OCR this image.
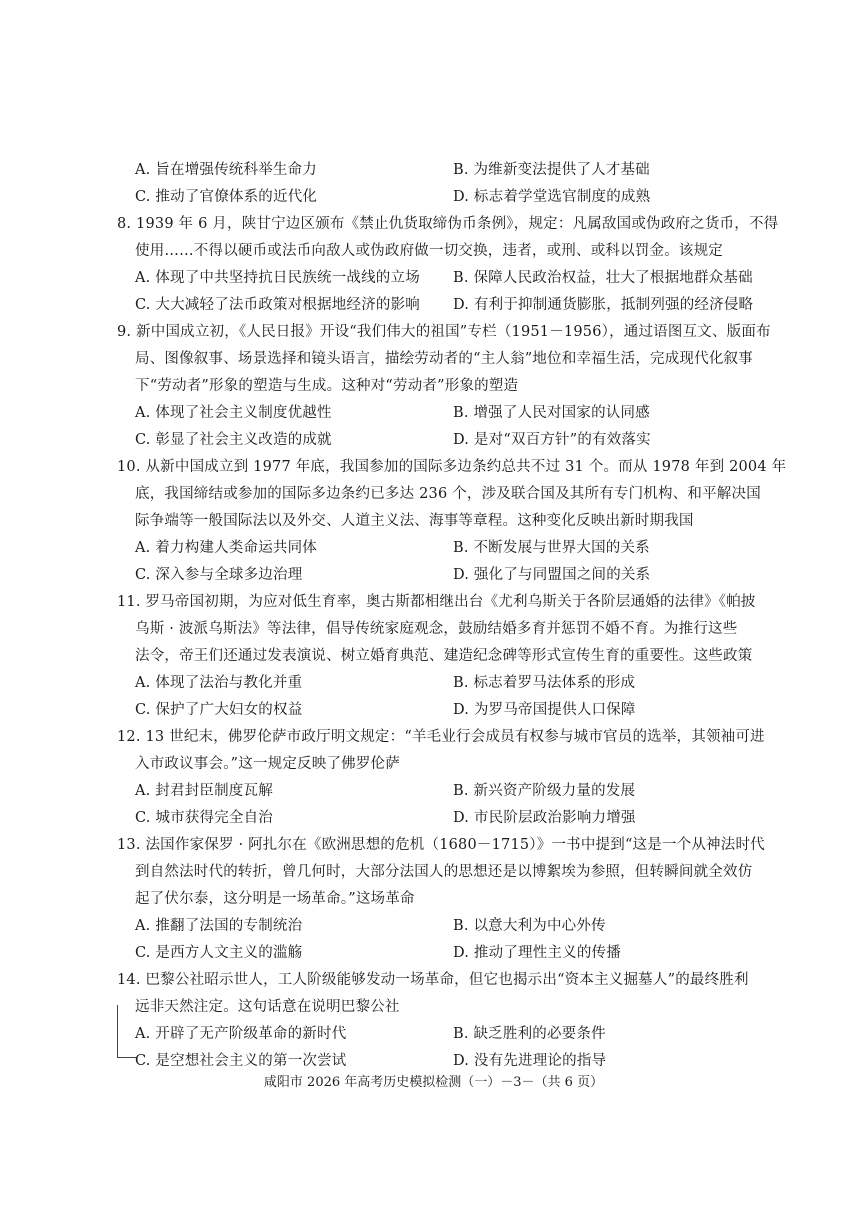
A. 旨在增强传统科举生命力	B. 为维新变法提供了人才基础
C. 推动了官僚体系的近代化	D. 标志着学堂选官制度的成熟
8. 1939 年 6 月，陕甘宁边区颁布《禁止仇货取缔伪币条例》，规定：凡属敌国或伪政府之货币，不得
使用……不得以硬币或法币向敌人或伪政府做一切交换，违者，或刑、或科以罚金。该规定
A. 体现了中共坚持抗日民族统一战线的立场 B. 保障人民政治权益，壮大了根据地群众基础
C. 大大减轻了法币政策对根据地经济的影响 D. 有利于抑制通货膨胀，抵制列强的经济侵略
9. 新中国成立初，《人民日报》开设“我们伟大的祖国”专栏（1951－1956），通过语图互文、版面布
局、图像叙事、场景选择和镜头语言，描绘劳动者的“主人翁”地位和幸福生活，完成现代化叙事
下“劳动者”形象的塑造与生成。这种对“劳动者”形象的塑造
A. 体现了社会主义制度优越性	B. 增强了人民对国家的认同感
C. 彰显了社会主义改造的成就	D. 是对“双百方针”的有效落实
10. 从新中国成立到 1977 年底，我国参加的国际多边条约总共不过 31 个。而从 1978 年到 2004 年
底，我国缔结或参加的国际多边条约已多达 236 个，涉及联合国及其所有专门机构、和平解决国
际争端等一般国际法以及外交、人道主义法、海事等章程。这种变化反映出新时期我国
A. 着力构建人类命运共同体	B. 不断发展与世界大国的关系
C. 深入参与全球多边治理	D. 强化了与同盟国之间的关系
11. 罗马帝国初期，为应对低生育率，奥古斯都相继出台《尤利乌斯关于各阶层通婚的法律》《帕披
乌斯 · 波派乌斯法》等法律，倡导传统家庭观念，鼓励结婚多育并惩罚不婚不育。为推行这些
法令，帝王们还通过发表演说、树立婚育典范、建造纪念碑等形式宣传生育的重要性。这些政策
A. 体现了法治与教化并重	B. 标志着罗马法体系的形成
C. 保护了广大妇女的权益	D. 为罗马帝国提供人口保障
12. 13 世纪末，佛罗伦萨市政厅明文规定：“羊毛业行会成员有权参与城市官员的选举，其领袖可进
入市政议事会。”这一规定反映了佛罗伦萨
A. 封君封臣制度瓦解	B. 新兴资产阶级力量的发展
C. 城市获得完全自治	D. 市民阶层政治影响力增强
13. 法国作家保罗 · 阿扎尔在《欧洲思想的危机（1680－1715）》一书中提到“这是一个从神法时代
到自然法时代的转折，曾几何时，大部分法国人的思想还是以博絮埃为参照，但转瞬间就全效仿
起了伏尔泰，这分明是一场革命。”这场革命
A. 推翻了法国的专制统治	B. 以意大利为中心外传
C. 是西方人文主义的滥觞	D. 推动了理性主义的传播
14. 巴黎公社昭示世人，工人阶级能够发动一场革命，但它也揭示出“资本主义掘墓人”的最终胜利
远非天然注定。这句话意在说明巴黎公社
A. 开辟了无产阶级革命的新时代	B. 缺乏胜利的必要条件
C. 是空想社会主义的第一次尝试	D. 没有先进理论的指导
咸阳市 2026 年高考历史模拟检测（一）－3－（共 6 页）
